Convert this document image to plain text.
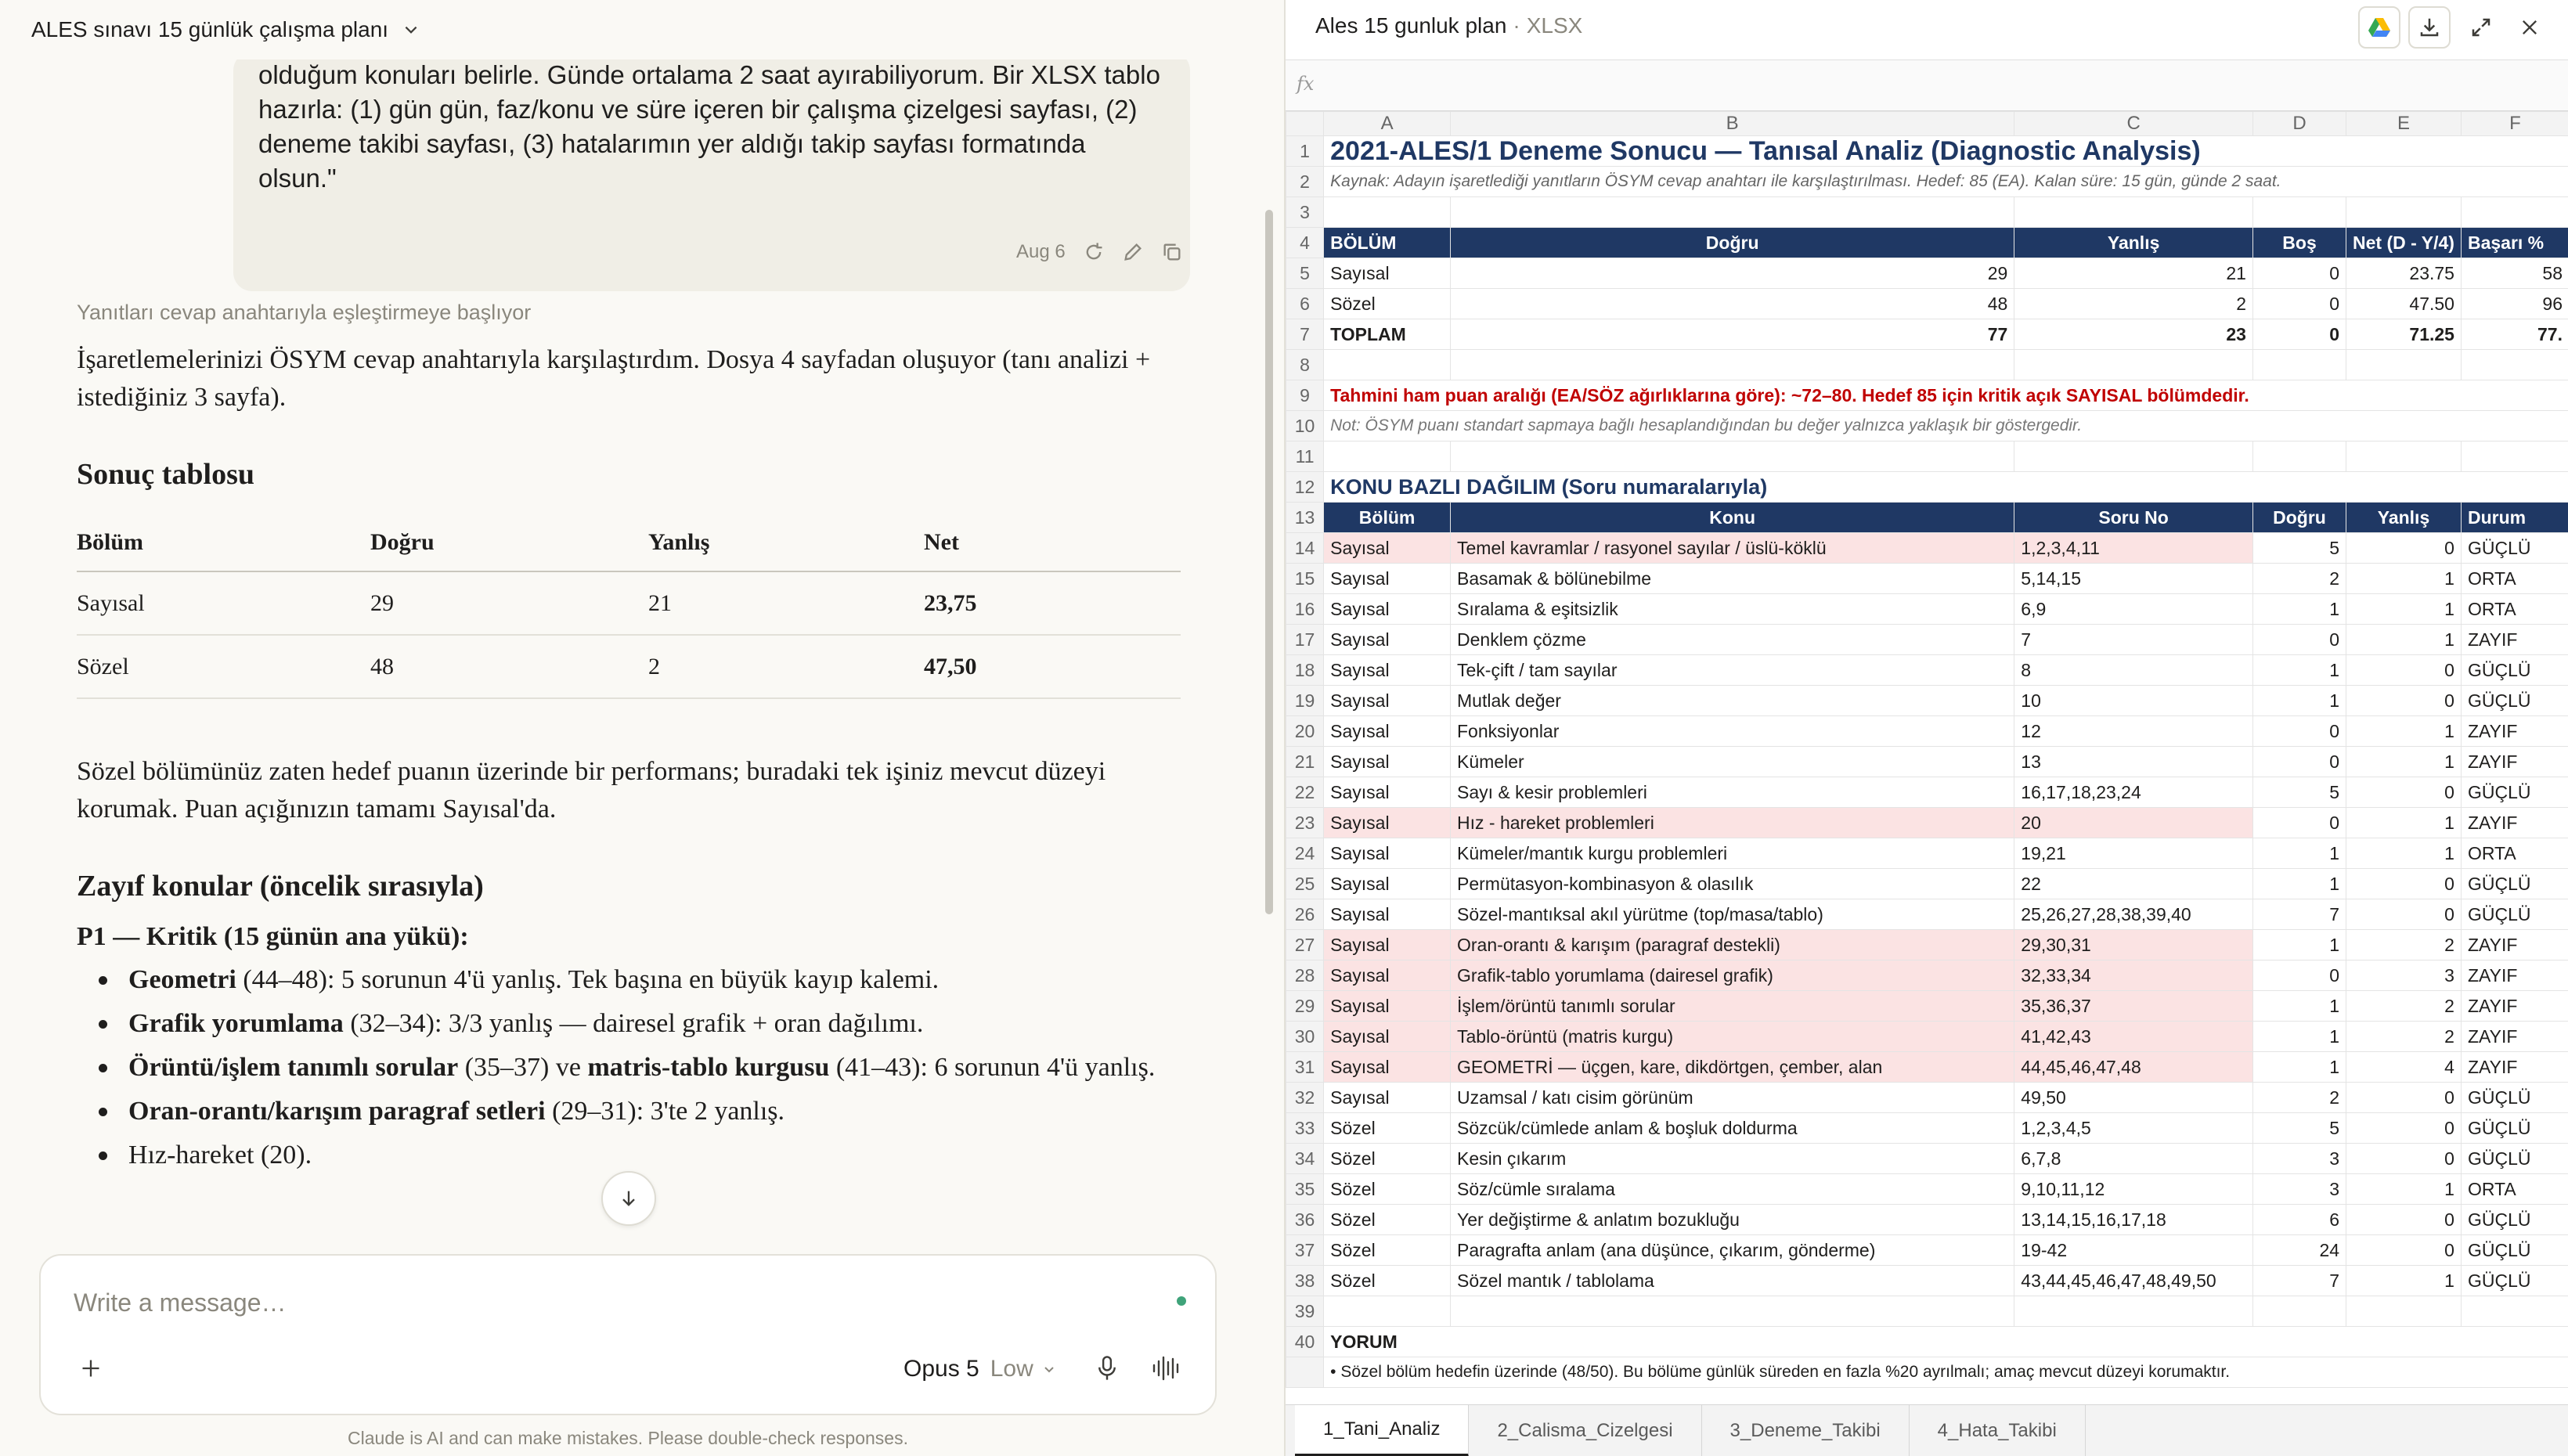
ALES sınavı 15 günlük çalışma planı

olduğum konuları belirle. Günde ortalama 2 saat ayırabiliyorum. Bir XLSX tablo

hazırla: (1) gün gün, faz/konu ve süre içeren bir çalışma çizelgesi sayfası, (2)

deneme takibi sayfası, (3) hatalarımın yer aldığı takip sayfası formatında

olsun."

Aug 6
Yanıtları cevap anahtarıyla eşleştirmeye başlıyor

İşaretlemelerinizi ÖSYM cevap anahtarıyla karşılaştırdım. Dosya 4 sayfadan oluşuyor (tanı analizi + istediğiniz 3 sayfa).

Sonuç tablosu
Bölüm	Doğru	Yanlış	Net
Sayısal	29	21	23,75
Sözel	48	2	47,50

Sözel bölümünüz zaten hedef puanın üzerinde bir performans; buradaki tek işiniz mevcut düzeyi korumak. Puan açığınızın tamamı Sayısal'da.

Zayıf konular (öncelik sırasıyla)

P1 — Kritik (15 günün ana yükü):

Geometri (44–48): 5 sorunun 4'ü yanlış. Tek başına en büyük kayıp kalemi.
Grafik yorumlama (32–34): 3/3 yanlış — dairesel grafik + oran dağılımı.
Örüntü/işlem tanımlı sorular (35–37) ve matris-tablo kurgusu (41–43): 6 sorunun 4'ü yanlış.
Oran-orantı/karışım paragraf setleri (29–31): 3'te 2 yanlış.
Hız-hareket (20).
Write a message…
Opus 5 Low
Claude is AI and can make mistakes. Please double-check responses.
Ales 15 gunluk plan · XLSX
fx
	A	B	C	D	E	F
1	2021-ALES/1 Deneme Sonucu — Tanısal Analiz (Diagnostic Analysis)					
2	Kaynak: Adayın işaretlediği yanıtların ÖSYM cevap anahtarı ile karşılaştırılması. Hedef: 85 (EA). Kalan süre: 15 gün, günde 2 saat.					
3						
4	BÖLÜM	Doğru	Yanlış	Boş	Net (D - Y/4)	Başarı %
5	Sayısal	29	21	0	23.75	58
6	Sözel	48	2	0	47.50	96
7	TOPLAM	77	23	0	71.25	77.
8						
9	Tahmini ham puan aralığı (EA/SÖZ ağırlıklarına göre): ~72–80. Hedef 85 için kritik açık SAYISAL bölümdedir.					
10	Not: ÖSYM puanı standart sapmaya bağlı hesaplandığından bu değer yalnızca yaklaşık bir göstergedir.					
11						
12	KONU BAZLI DAĞILIM (Soru numaralarıyla)					
13	Bölüm	Konu	Soru No	Doğru	Yanlış	Durum
14	Sayısal	Temel kavramlar / rasyonel sayılar / üslü-köklü	1,2,3,4,11	5	0	GÜÇLÜ
15	Sayısal	Basamak & bölünebilme	5,14,15	2	1	ORTA
16	Sayısal	Sıralama & eşitsizlik	6,9	1	1	ORTA
17	Sayısal	Denklem çözme	7	0	1	ZAYIF
18	Sayısal	Tek-çift / tam sayılar	8	1	0	GÜÇLÜ
19	Sayısal	Mutlak değer	10	1	0	GÜÇLÜ
20	Sayısal	Fonksiyonlar	12	0	1	ZAYIF
21	Sayısal	Kümeler	13	0	1	ZAYIF
22	Sayısal	Sayı & kesir problemleri	16,17,18,23,24	5	0	GÜÇLÜ
23	Sayısal	Hız - hareket problemleri	20	0	1	ZAYIF
24	Sayısal	Kümeler/mantık kurgu problemleri	19,21	1	1	ORTA
25	Sayısal	Permütasyon-kombinasyon & olasılık	22	1	0	GÜÇLÜ
26	Sayısal	Sözel-mantıksal akıl yürütme (top/masa/tablo)	25,26,27,28,38,39,40	7	0	GÜÇLÜ
27	Sayısal	Oran-orantı & karışım (paragraf destekli)	29,30,31	1	2	ZAYIF
28	Sayısal	Grafik-tablo yorumlama (dairesel grafik)	32,33,34	0	3	ZAYIF
29	Sayısal	İşlem/örüntü tanımlı sorular	35,36,37	1	2	ZAYIF
30	Sayısal	Tablo-örüntü (matris kurgu)	41,42,43	1	2	ZAYIF
31	Sayısal	GEOMETRİ — üçgen, kare, dikdörtgen, çember, alan	44,45,46,47,48	1	4	ZAYIF
32	Sayısal	Uzamsal / katı cisim görünüm	49,50	2	0	GÜÇLÜ
33	Sözel	Sözcük/cümlede anlam & boşluk doldurma	1,2,3,4,5	5	0	GÜÇLÜ
34	Sözel	Kesin çıkarım	6,7,8	3	0	GÜÇLÜ
35	Sözel	Söz/cümle sıralama	9,10,11,12	3	1	ORTA
36	Sözel	Yer değiştirme & anlatım bozukluğu	13,14,15,16,17,18	6	0	GÜÇLÜ
37	Sözel	Paragrafta anlam (ana düşünce, çıkarım, gönderme)	19-42	24	0	GÜÇLÜ
38	Sözel	Sözel mantık / tablolama	43,44,45,46,47,48,49,50	7	1	GÜÇLÜ
39						
40	YORUM					
	• Sözel bölüm hedefin üzerinde (48/50). Bu bölüme günlük süreden en fazla %20 ayrılmalı; amaç mevcut düzeyi korumaktır.					
1_Tani_Analiz	2_Calisma_Cizelgesi	3_Deneme_Takibi	4_Hata_Takibi
